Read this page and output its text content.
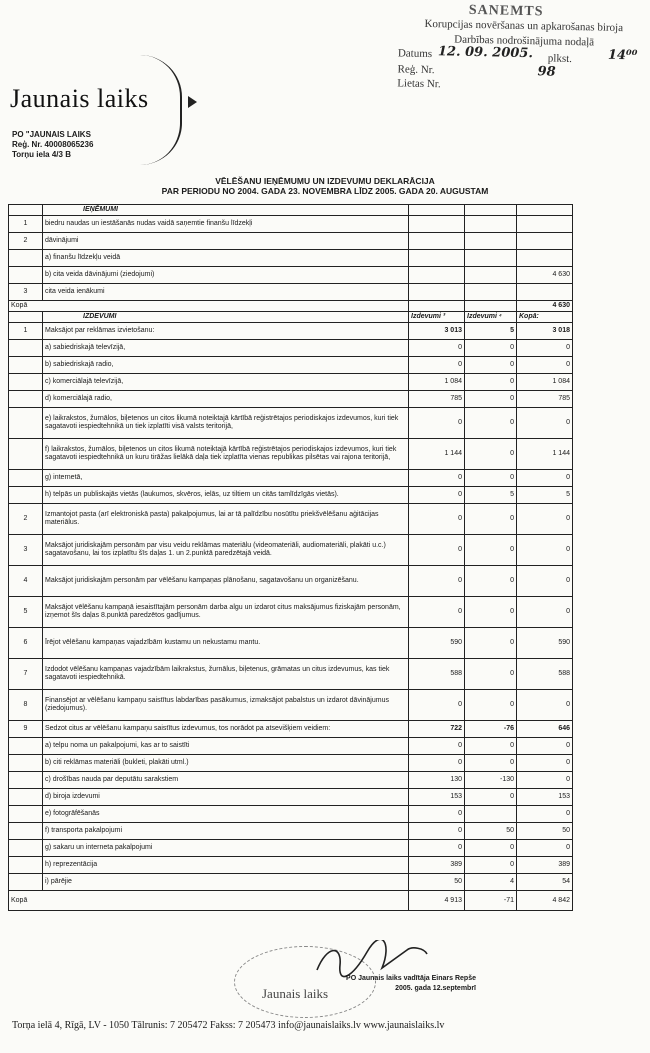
SANEMTS
Korupcijas novēršanas un apkarošanas biroja
Darbības nodrošinājuma nodaļā
Datums 12. 09. 2005. plkst.	14⁰⁰
Reģ. Nr.	98
Lietas Nr.
Jaunais laiks
PO "JAUNAIS LAIKS
Reģ. Nr. 40008065236
Torņu iela 4/3 B
VĒLĒŠANU IEŅĒMUMU UN IZDEVUMU DEKLARĀCIJA
PAR PERIODU NO 2004. GADA 23. NOVEMBRA LĪDZ 2005. GADA 20. AUGUSTAM
	IEŅĒMUMI			
1	biedru naudas un iestāšanās nudas vaidā saņemtie finanšu līdzekļi			
2	dāvinājumi			
	a) finanšu līdzekļu veidā			
	b) cita veida dāvinājumi (ziedojumi)			4 630
3	cita veida ienākumi			
Kopā				4 630
	IZDEVUMI	Izdevumi ³	Izdevumi ⁴	Kopā:
1	Maksājot par reklāmas izvietošanu:	3 013	5	3 018
	a) sabiedriskajā televīzijā,	0	0	0
	b) sabiedriskajā radio,	0	0	0
	c) komerciālajā televīzijā,	1 084	0	1 084
	d) komerciālajā radio,	785	0	785
	e) laikrakstos, žurnālos, biļetenos un citos likumā noteiktajā kārtībā reģistrētajos periodiskajos izdevumos, kuri tiek sagatavoti iespiedtehnikā un tiek izplatīti visā valsts teritorijā,	0	0	0
	f) laikrakstos, žurnālos, biļetenos un citos likumā noteiktajā kārtībā reģistrētajos periodiskajos izdevumos, kuri tiek sagatavoti iespiedtehnikā un kuru tirāžas lielākā daļa tiek izplatīta vienas republikas pilsētas vai rajona teritorijā,	1 144	0	1 144
	g) internetā,	0	0	0
	h) telpās un publiskajās vietās (laukumos, skvēros, ielās, uz tiltiem un citās tamlīdzīgās vietās).	0	5	5
2	Izmantojot pasta (arī elektroniskā pasta) pakalpojumus, lai ar tā palīdzību nosūtītu priekšvēlēšanu aģitācijas materiālus.	0	0	0
3	Maksājot juridiskajām personām par visu veidu reklāmas materiālu (videomateriāli, audiomateriāli, plakāti u.c.) sagatavošanu, lai tos izplatītu šīs daļas 1. un 2.punktā paredzētajā veidā.	0	0	0
4	Maksājot juridiskajām personām par vēlēšanu kampaņas plānošanu, sagatavošanu un organizēšanu.	0	0	0
5	Maksājot vēlēšanu kampaņā iesaistītajām personām darba algu un izdarot citus maksājumus fiziskajām personām, izņemot šīs daļas 8.punktā paredzētos gadījumus.	0	0	0
6	Īrējot vēlēšanu kampaņas vajadzībām kustamu un nekustamu mantu.	590	0	590
7	Izdodot vēlēšanu kampaņas vajadzībām laikrakstus, žurnālus, biļetenus, grāmatas un citus izdevumus, kas tiek sagatavoti iespiedtehnikā.	588	0	588
8	Finansējot ar vēlēšanu kampaņu saistītus labdarības pasākumus, izmaksājot pabalstus un izdarot dāvinājumus (ziedojumus).	0	0	0
9	Sedzot citus ar vēlēšanu kampaņu saistītus izdevumus, tos norādot pa atsevišķiem veidiem:	722	-76	646
	a) telpu noma un pakalpojumi, kas ar to saistīti	0	0	0
	b) citi reklāmas materiāli (bukleti, plakāti utml.)	0	0	0
	c) drošības nauda par deputātu sarakstiem	130	-130	0
	d) biroja izdevumi	153	0	153
	e) fotogrāfēšanās	0		0
	f) transporta pakalpojumi	0	50	50
	g) sakaru un interneta pakalpojumi	0	0	0
	h) reprezentācija	389	0	389
	i) pārējie	50	4	54
Kopā		4 913	-71	4 842
Jaunais laiks
PO Jaunais laiks vadītāja Einars Repše
2005. gada 12.septembrī
Torņa ielā 4, Rīgā, LV - 1050 Tālrunis: 7 205472 Fakss: 7 205473 info@jaunaislaiks.lv www.jaunaislaiks.lv
